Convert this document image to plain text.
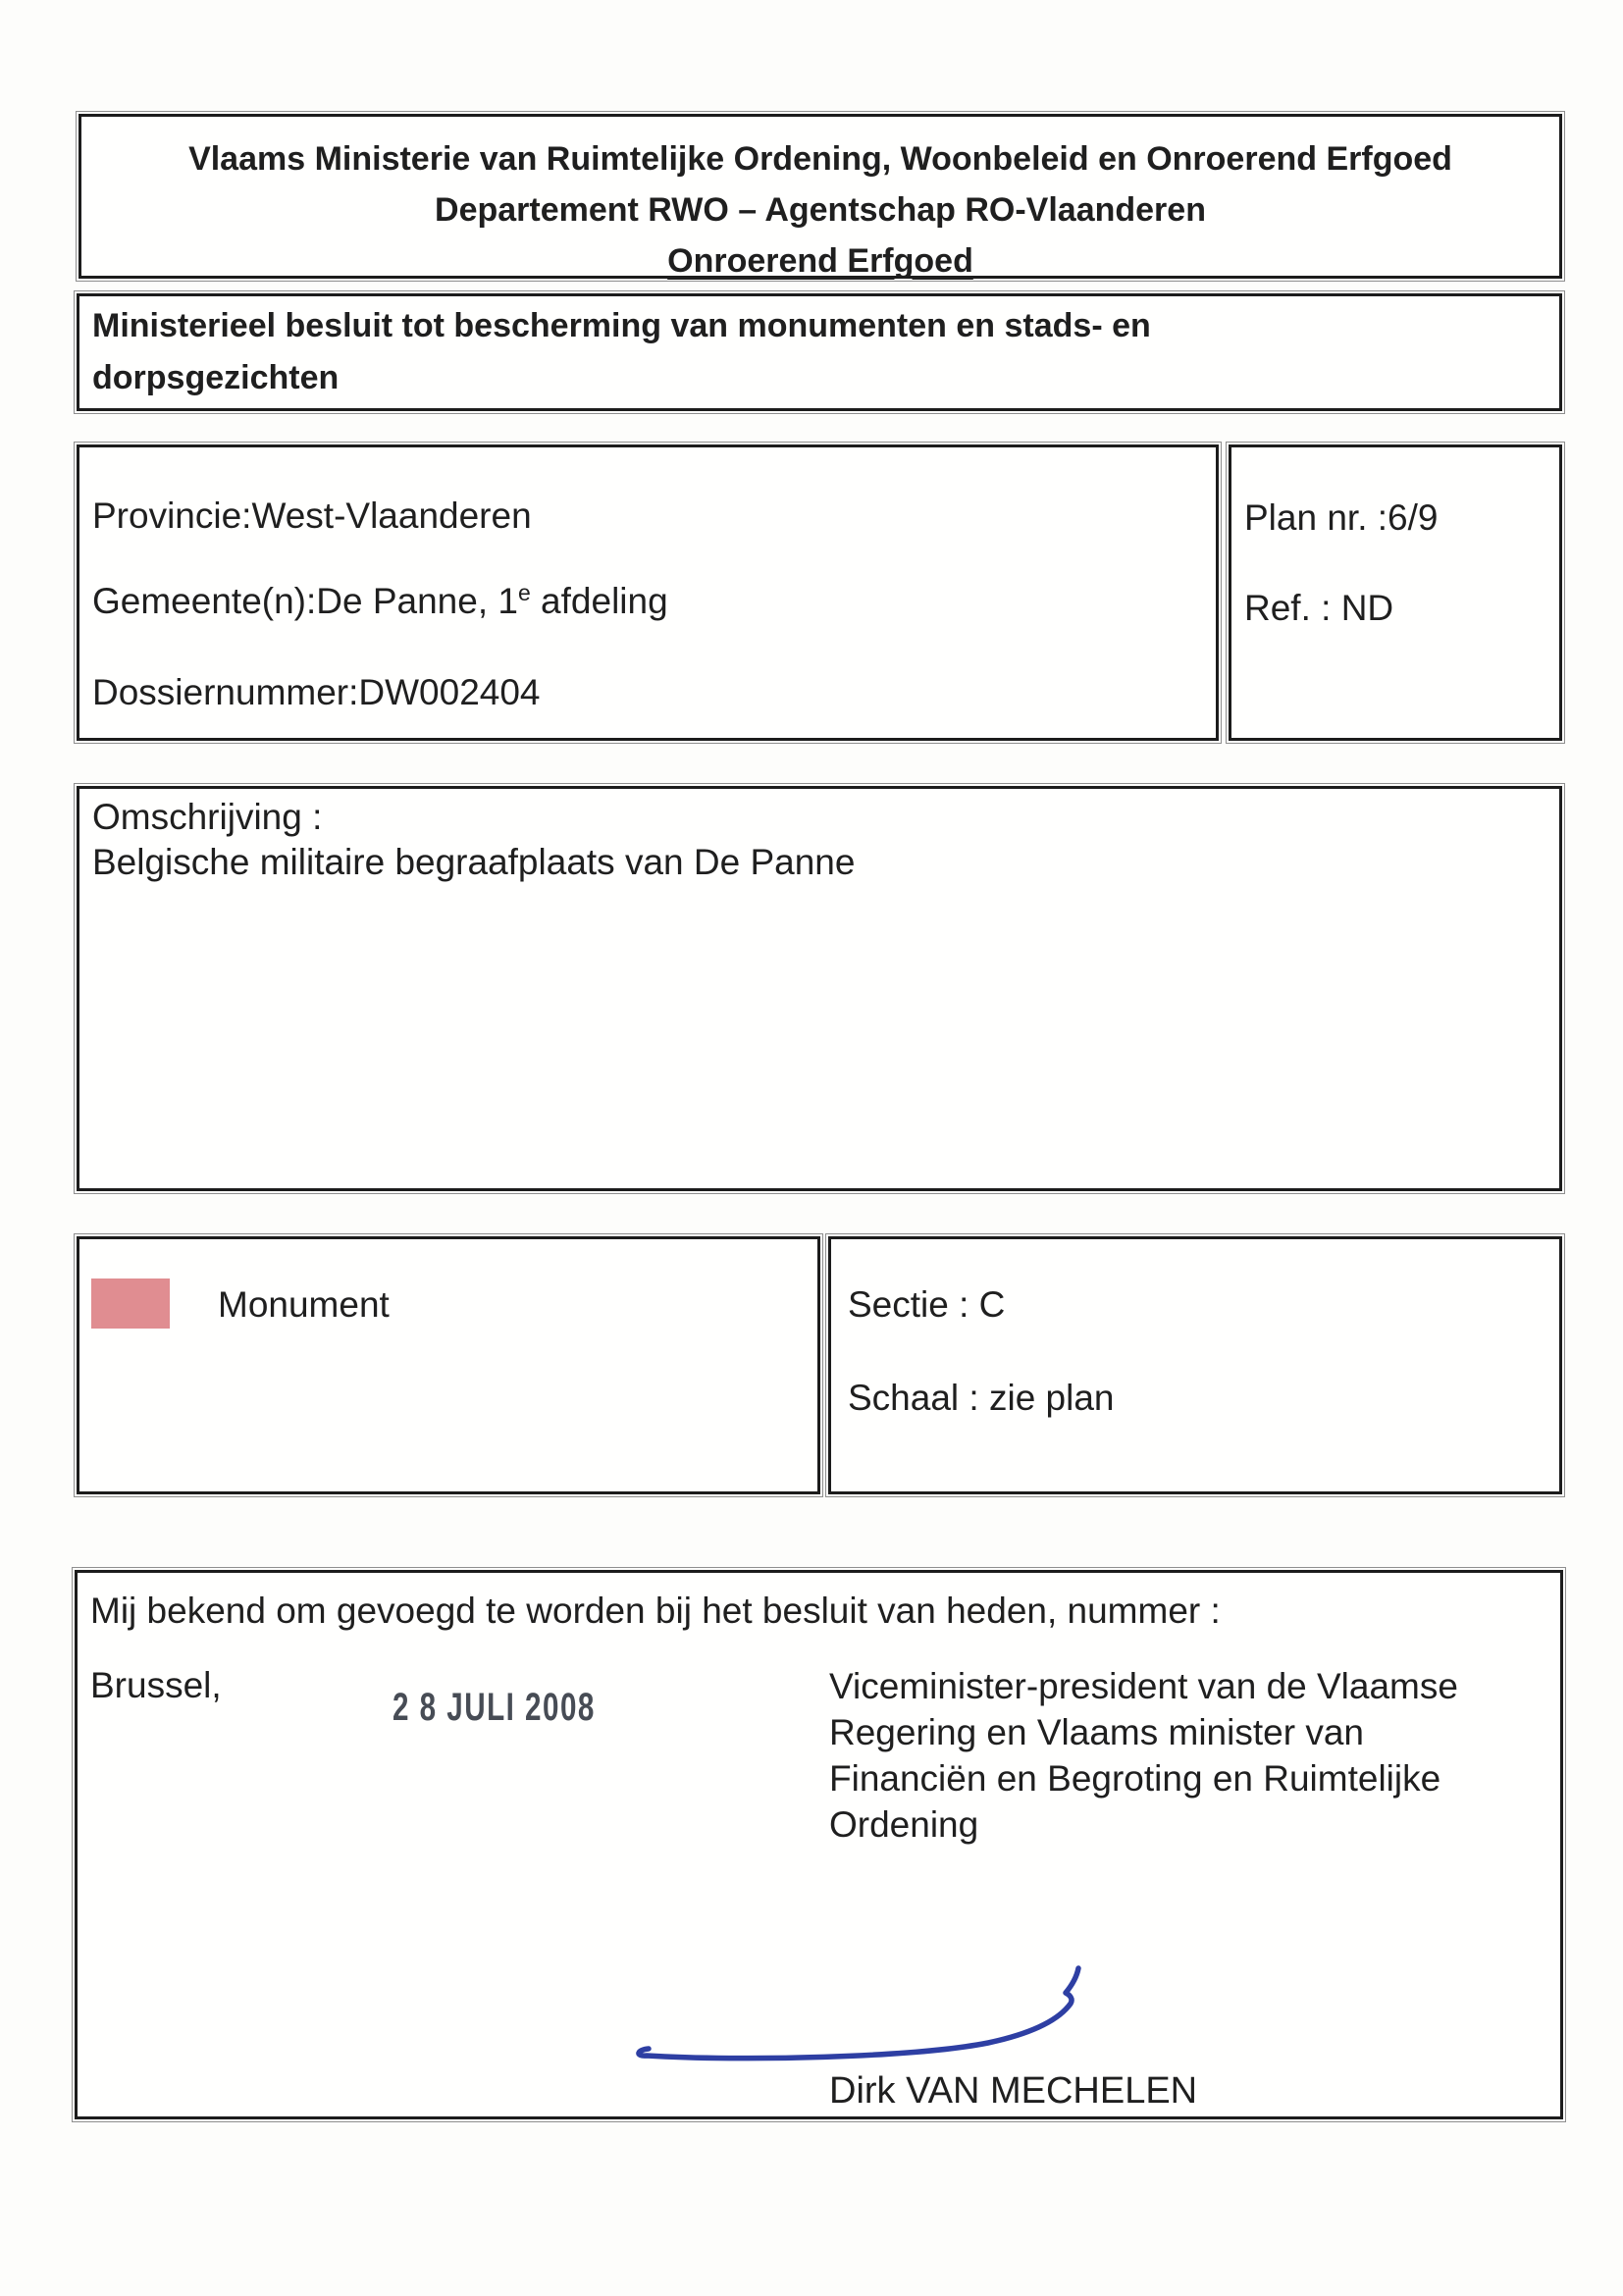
Vlaams Ministerie van Ruimtelijke Ordening, Woonbeleid en Onroerend Erfgoed
Departement RWO – Agentschap RO-Vlaanderen
Onroerend Erfgoed
Ministerieel besluit tot bescherming van monumenten en stads- en
dorpsgezichten
Provincie:West-Vlaanderen
Gemeente(n):De Panne, 1e afdeling
Dossiernummer:DW002404
Plan nr. :6/9
Ref. : ND
Omschrijving :
Belgische militaire begraafplaats van De Panne
Monument	Sectie : C
Schaal : zie plan
Mij bekend om gevoegd te worden bij het besluit van heden, nummer :
Brussel,
2 8 JULI 2008	Viceminister-president van de Vlaamse
Regering en Vlaams minister van
Financiën en Begroting en Ruimtelijke
Ordening
Dirk VAN MECHELEN
